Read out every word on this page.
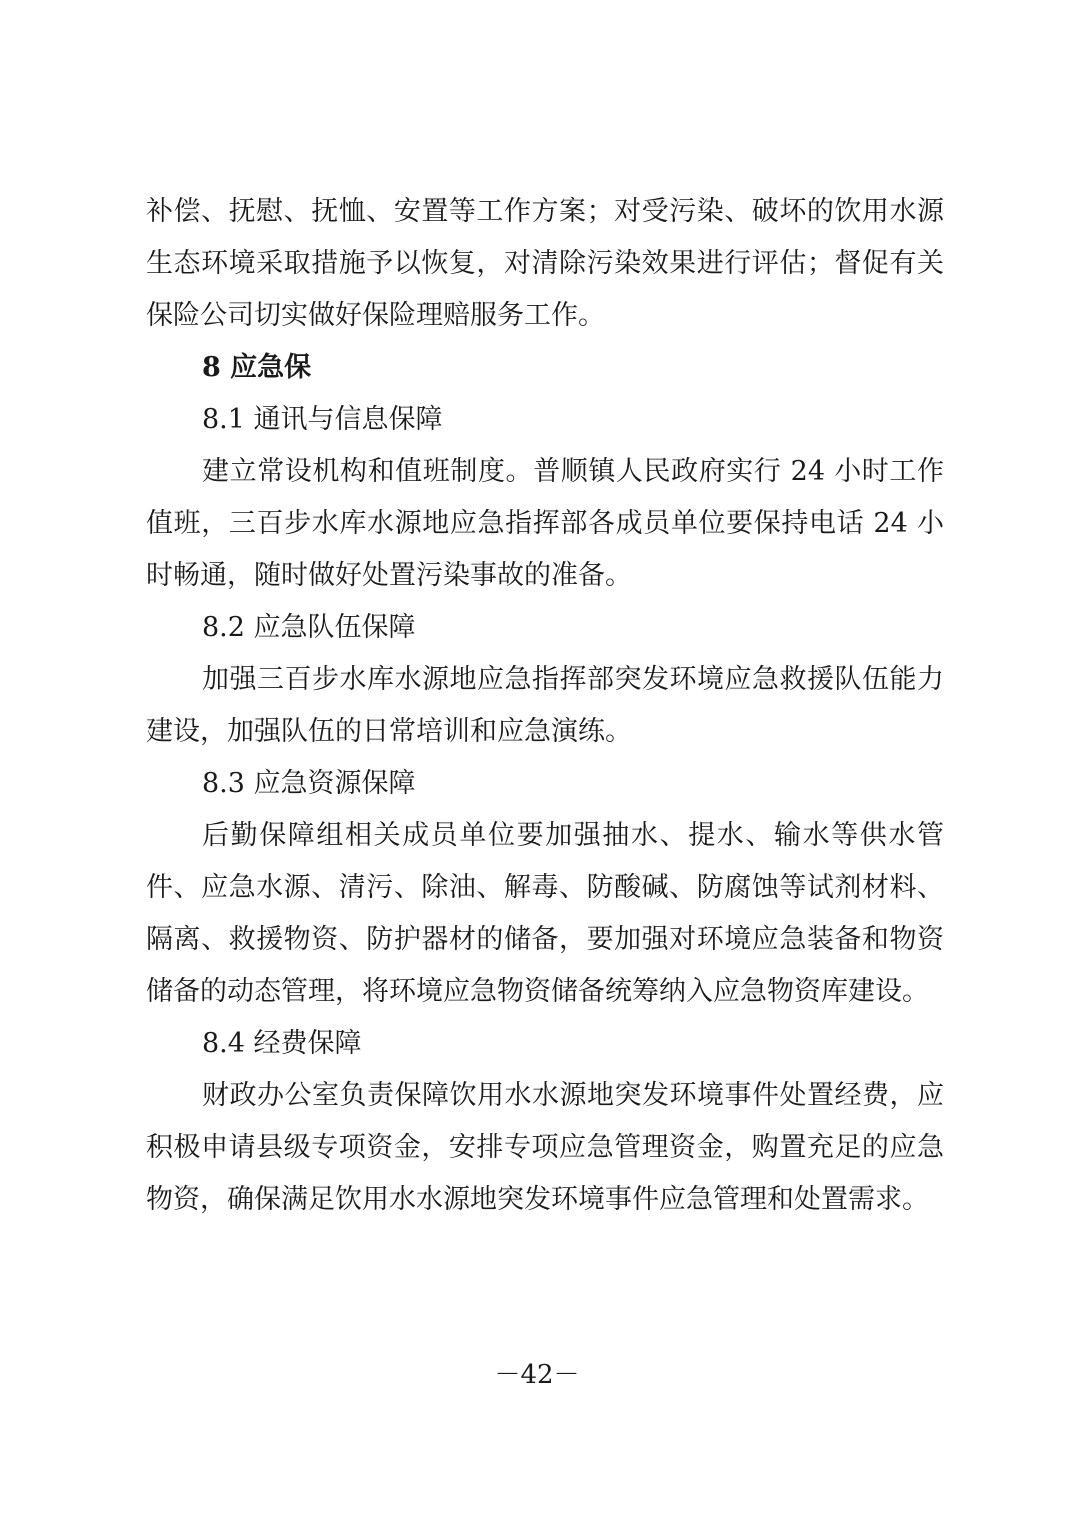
补偿、抚慰、抚恤、安置等工作方案；对受污染、破坏的饮用水源生态环境采取措施予以恢复，对清除污染效果进行评估；督促有关保险公司切实做好保险理赔服务工作。

8 应急保

8.1 通讯与信息保障

建立常设机构和值班制度。普顺镇人民政府实行 24 小时工作值班，三百步水库水源地应急指挥部各成员单位要保持电话 24 小时畅通，随时做好处置污染事故的准备。

8.2 应急队伍保障

加强三百步水库水源地应急指挥部突发环境应急救援队伍能力建设，加强队伍的日常培训和应急演练。

8.3 应急资源保障

后勤保障组相关成员单位要加强抽水、提水、输水等供水管件、应急水源、清污、除油、解毒、防酸碱、防腐蚀等试剂材料、隔离、救援物资、防护器材的储备，要加强对环境应急装备和物资储备的动态管理，将环境应急物资储备统筹纳入应急物资库建设。

8.4 经费保障

财政办公室负责保障饮用水水源地突发环境事件处置经费，应积极申请县级专项资金，安排专项应急管理资金，购置充足的应急物资，确保满足饮用水水源地突发环境事件应急管理和处置需求。

－42－
